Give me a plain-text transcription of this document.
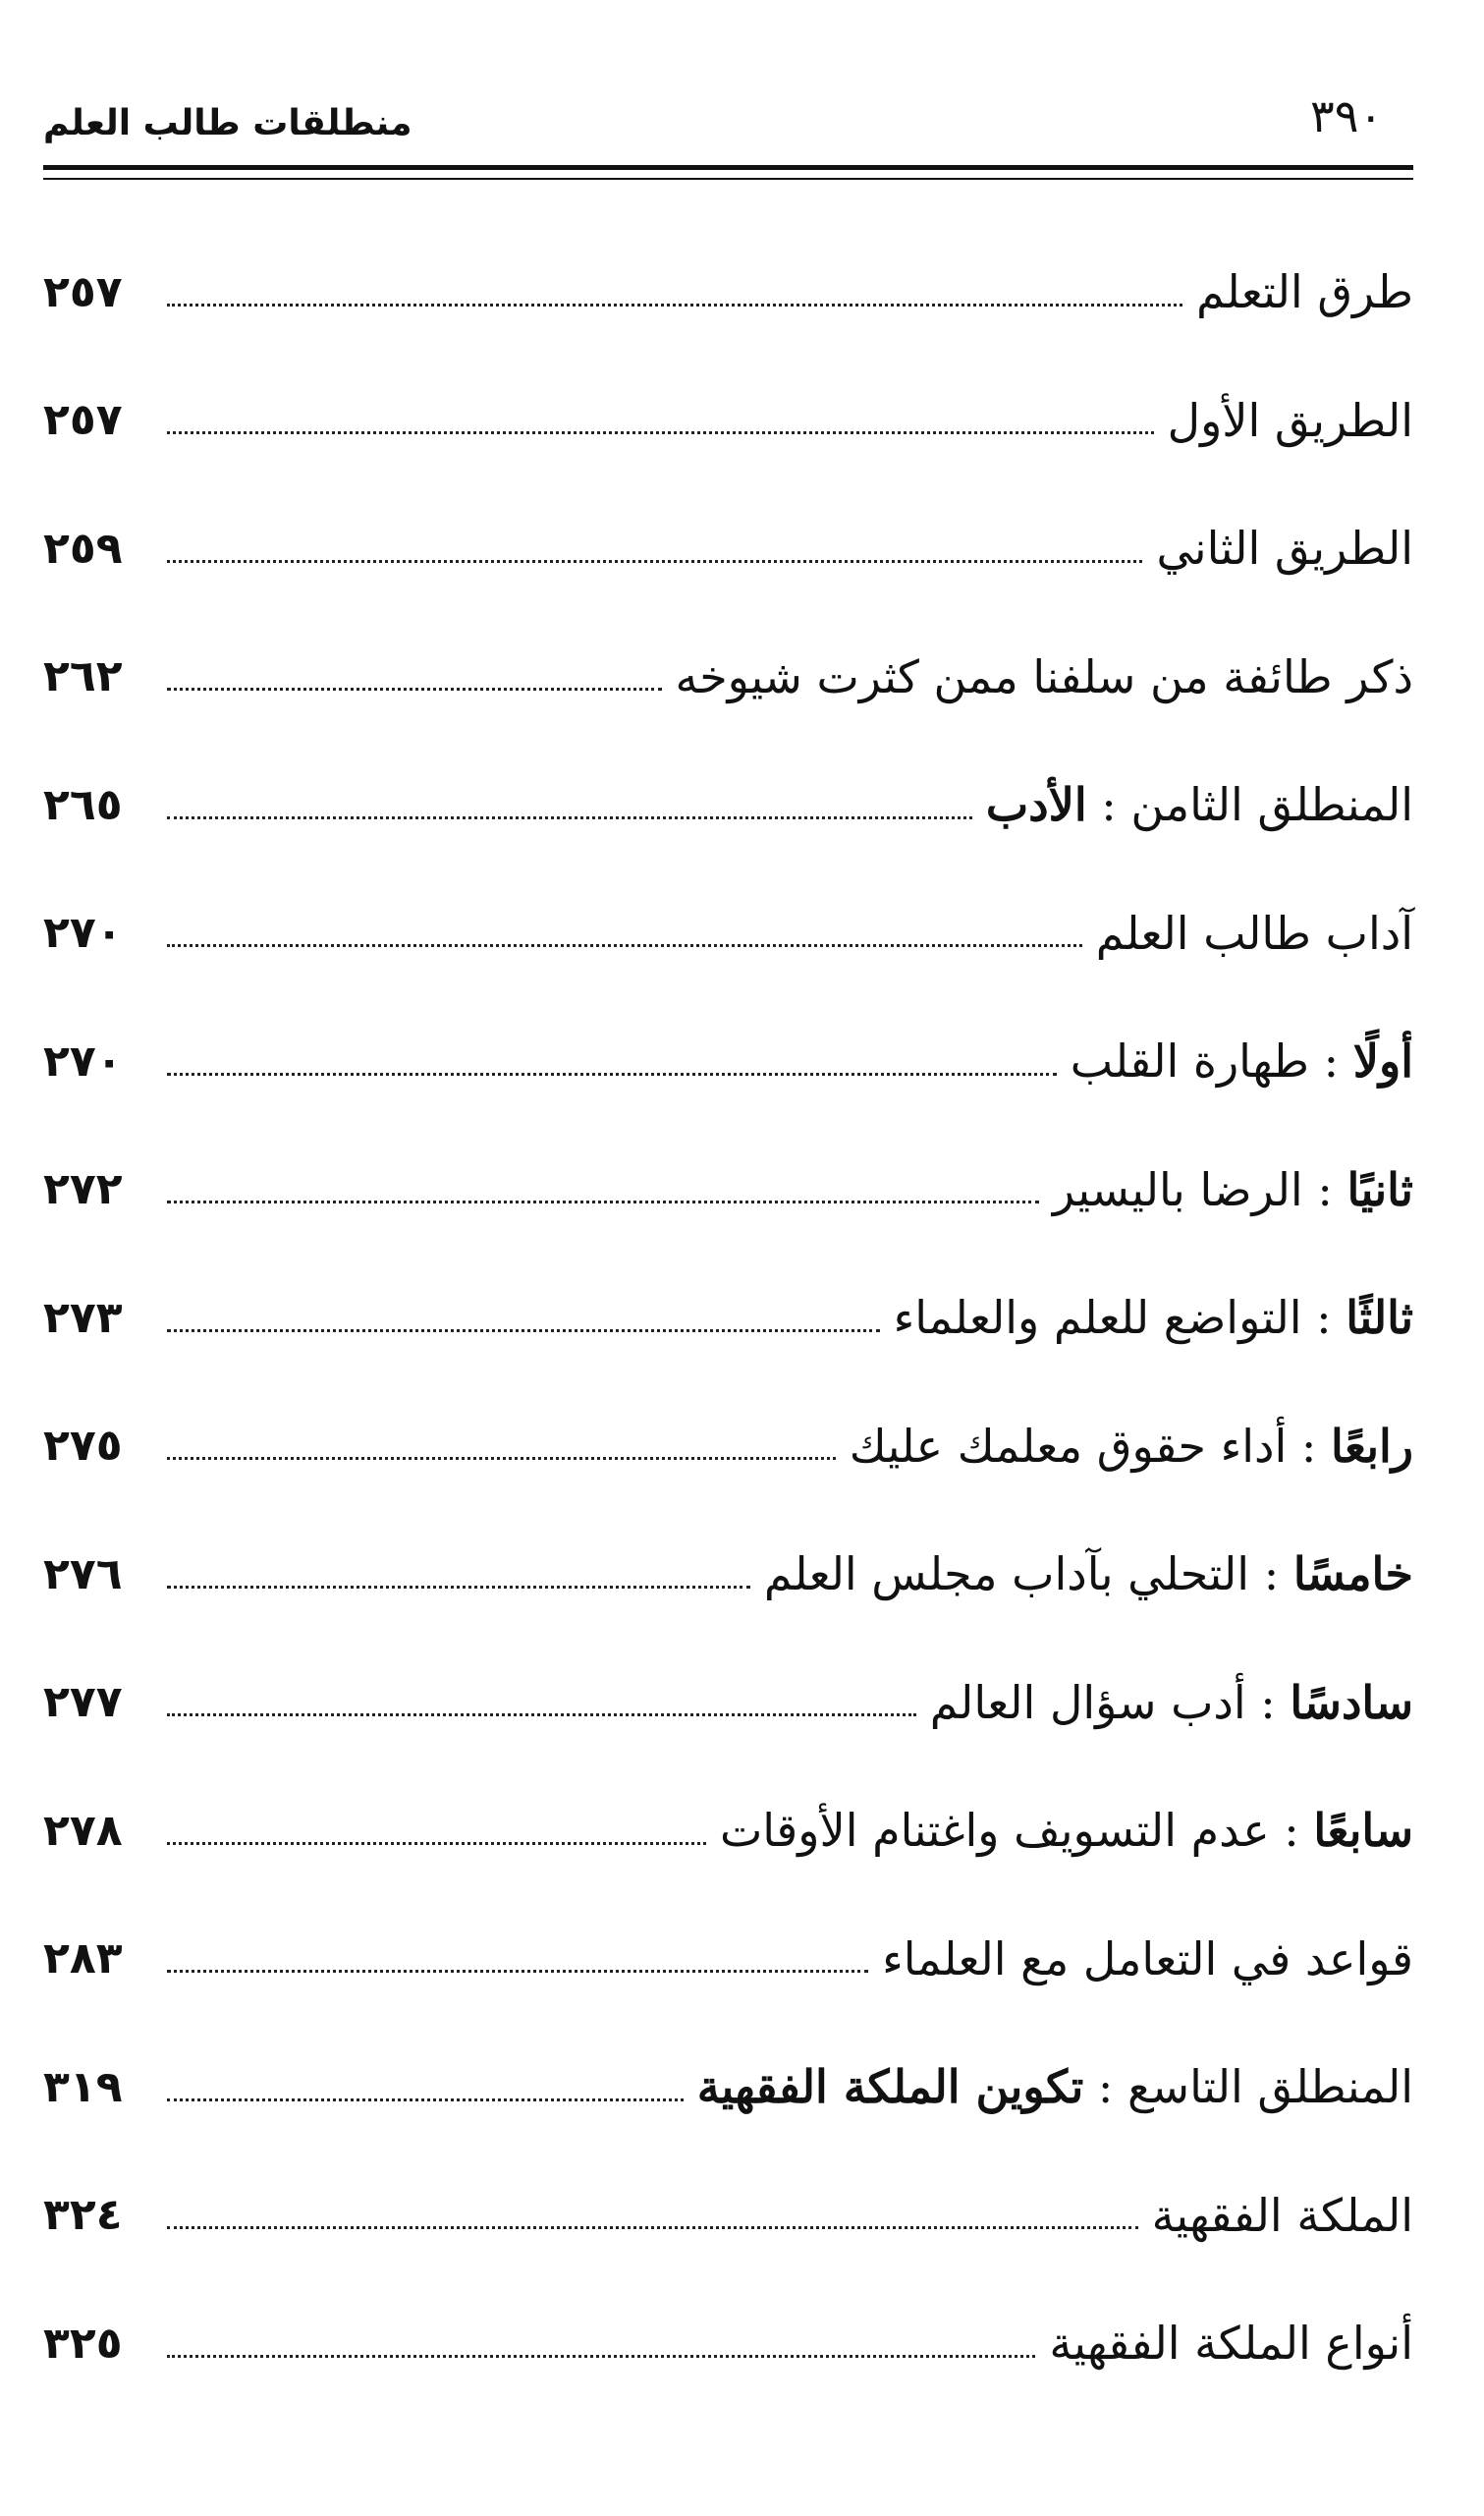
٣٩٠
منطلقات طالب العلم
طرق التعلم
٢٥٧
الطريق الأول
٢٥٧
الطريق الثاني
٢٥٩
ذكر طائفة من سلفنا ممن كثرت شيوخه
٢٦٢
المنطلق الثامن : الأدب
٢٦٥
آداب طالب العلم
٢٧٠
أولًا : طهارة القلب
٢٧٠
ثانيًا : الرضا باليسير
٢٧٢
ثالثًا : التواضع للعلم والعلماء
٢٧٣
رابعًا : أداء حقوق معلمك عليك
٢٧٥
خامسًا : التحلي بآداب مجلس العلم
٢٧٦
سادسًا : أدب سؤال العالم
٢٧٧
سابعًا : عدم التسويف واغتنام الأوقات
٢٧٨
قواعد في التعامل مع العلماء
٢٨٣
المنطلق التاسع : تكوين الملكة الفقهية
٣١٩
الملكة الفقهية
٣٢٤
أنواع الملكة الفقهية
٣٢٥
